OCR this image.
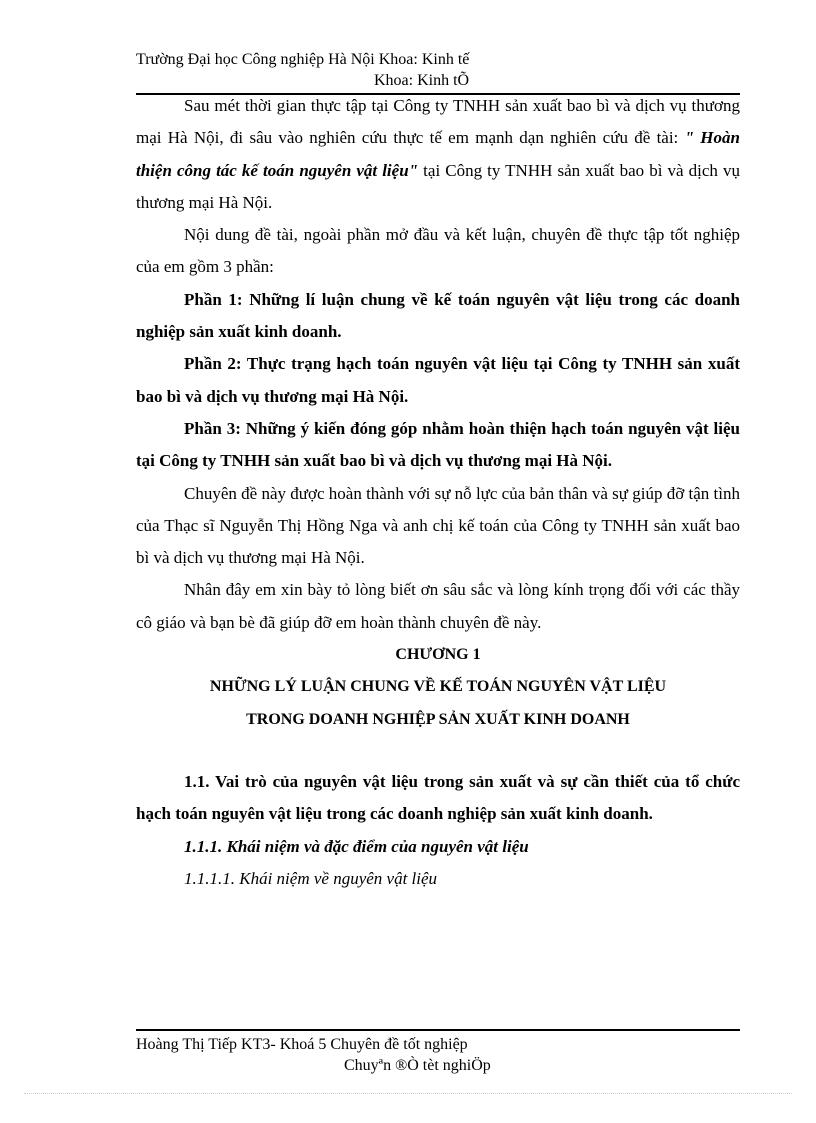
Trường Đại học Công nghiệp Hà Nội Khoa: Kinh tế
Khoa: Kinh tÕ

Sau mét thời gian thực tập tại Công ty TNHH sản xuất bao bì và dịch vụ thương mại Hà Nội, đi sâu vào nghiên cứu thực tế em mạnh dạn nghiên cứu đề tài: " Hoàn thiện công tác kế toán nguyên vật liệu" tại Công ty TNHH sản xuất bao bì và dịch vụ thương mại Hà Nội.

Nội dung đề tài, ngoài phần mở đầu và kết luận, chuyên đề thực tập tốt nghiệp của em gồm 3 phần:

Phần 1: Những lí luận chung về kế toán nguyên vật liệu trong các doanh nghiệp sản xuất kinh doanh.

Phần 2: Thực trạng hạch toán nguyên vật liệu tại Công ty TNHH sản xuất bao bì và dịch vụ thương mại Hà Nội.

Phần 3: Những ý kiến đóng góp nhằm hoàn thiện hạch toán nguyên vật liệu tại Công ty TNHH sản xuất bao bì và dịch vụ thương mại Hà Nội.

Chuyên đề này được hoàn thành với sự nỗ lực của bản thân và sự giúp đỡ tận tình của Thạc sĩ Nguyễn Thị Hồng Nga và anh chị kế toán của Công ty TNHH sản xuất bao bì và dịch vụ thương mại Hà Nội.

Nhân đây em xin bày tỏ lòng biết ơn sâu sắc và lòng kính trọng đối với các thầy cô giáo và bạn bè đã giúp đỡ em hoàn thành chuyên đề này.

CHƯƠNG 1

NHỮNG LÝ LUẬN CHUNG VỀ KẾ TOÁN NGUYÊN VẬT LIỆU

TRONG DOANH NGHIỆP SẢN XUẤT KINH DOANH

1.1. Vai trò của nguyên vật liệu trong sản xuất và sự cần thiết của tổ chức hạch toán nguyên vật liệu trong các doanh nghiệp sản xuất kinh doanh.

1.1.1. Khái niệm và đặc điểm của nguyên vật liệu

1.1.1.1. Khái niệm về nguyên vật liệu

Hoàng Thị Tiếp KT3- Khoá 5 Chuyên đề tốt nghiệp
Chuyªn ®Ò tèt nghiÖp
